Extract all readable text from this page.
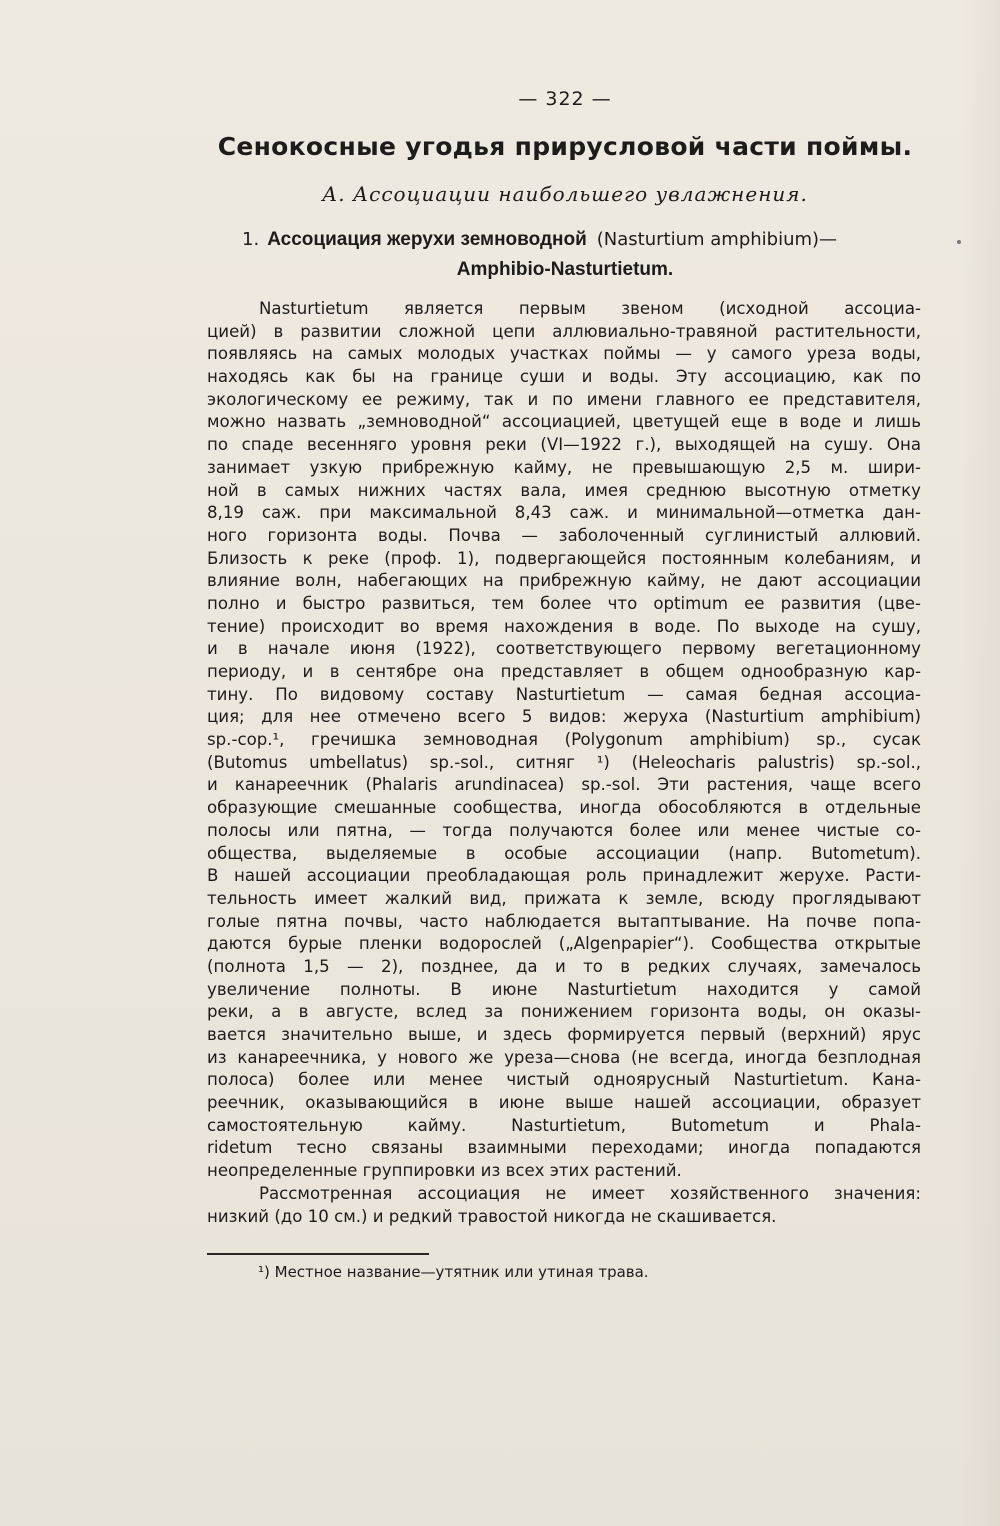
— 322 —
Сенокосные угодья прирусловой части поймы.
А. Ассоциации наибольшего увлажнения.
1. Ассоциация жерухи земноводной (Nasturtium amphibium)—
Amphibio-Nasturtietum.
Nasturtietum является первым звеном (исходной ассоциа-
цией) в развитии сложной цепи аллювиально-травяной растительности,
появляясь на самых молодых участках поймы — у самого уреза воды,
находясь как бы на границе суши и воды. Эту ассоциацию, как по
экологическому ее режиму, так и по имени главного ее представителя,
можно назвать „земноводной“ ассоциацией, цветущей еще в воде и лишь
по спаде весенняго уровня реки (VI—1922 г.), выходящей на сушу. Она
занимает узкую прибрежную кайму, не превышающую 2,5 м. шири-
ной в самых нижних частях вала, имея среднюю высотную отметку
8,19 саж. при максимальной 8,43 саж. и минимальной—отметка дан-
ного горизонта воды. Почва — заболоченный суглинистый аллювий.
Близость к реке (проф. 1), подвергающейся постоянным колебаниям, и
влияние волн, набегающих на прибрежную кайму, не дают ассоциации
полно и быстро развиться, тем более что optimum ее развития (цве-
тение) происходит во время нахождения в воде. По выходе на сушу,
и в начале июня (1922), соответствующего первому вегетационному
периоду, и в сентябре она представляет в общем однообразную кар-
тину. По видовому составу Nasturtietum — самая бедная ассоциа-
ция; для нее отмечено всего 5 видов: жеруха (Nasturtium amphibium)
sp.-cop.¹, гречишка земноводная (Polygonum amphibium) sp., сусак
(Butomus umbellatus) sp.-sol., ситняг ¹) (Heleocharis palustris) sp.-sol.,
и канареечник (Phalaris arundinacea) sp.-sol. Эти растения, чаще всего
образующие смешанные сообщества, иногда обособляются в отдельные
полосы или пятна, — тогда получаются более или менее чистые со-
общества, выделяемые в особые ассоциации (напр. Butometum).
В нашей ассоциации преобладающая роль принадлежит жерухе. Расти-
тельность имеет жалкий вид, прижата к земле, всюду проглядывают
голые пятна почвы, часто наблюдается вытаптывание. На почве попа-
даются бурые пленки водорослей („Algenpapier“). Сообщества открытые
(полнота 1,5 — 2), позднее, да и то в редких случаях, замечалось
увеличение полноты. В июне Nasturtietum находится у самой
реки, а в августе, вслед за понижением горизонта воды, он оказы-
вается значительно выше, и здесь формируется первый (верхний) ярус
из канареечника, у нового же уреза—снова (не всегда, иногда безплодная
полоса) более или менее чистый одноярусный Nasturtietum. Кана-
реечник, оказывающийся в июне выше нашей ассоциации, образует
самостоятельную кайму. Nasturtietum, Butometum и Phala-
ridetum тесно связаны взаимными переходами; иногда попадаются
неопределенные группировки из всех этих растений.
Рассмотренная ассоциация не имеет хозяйственного значения:
низкий (до 10 см.) и редкий травостой никогда не скашивается.
¹) Местное название—утятник или утиная трава.
